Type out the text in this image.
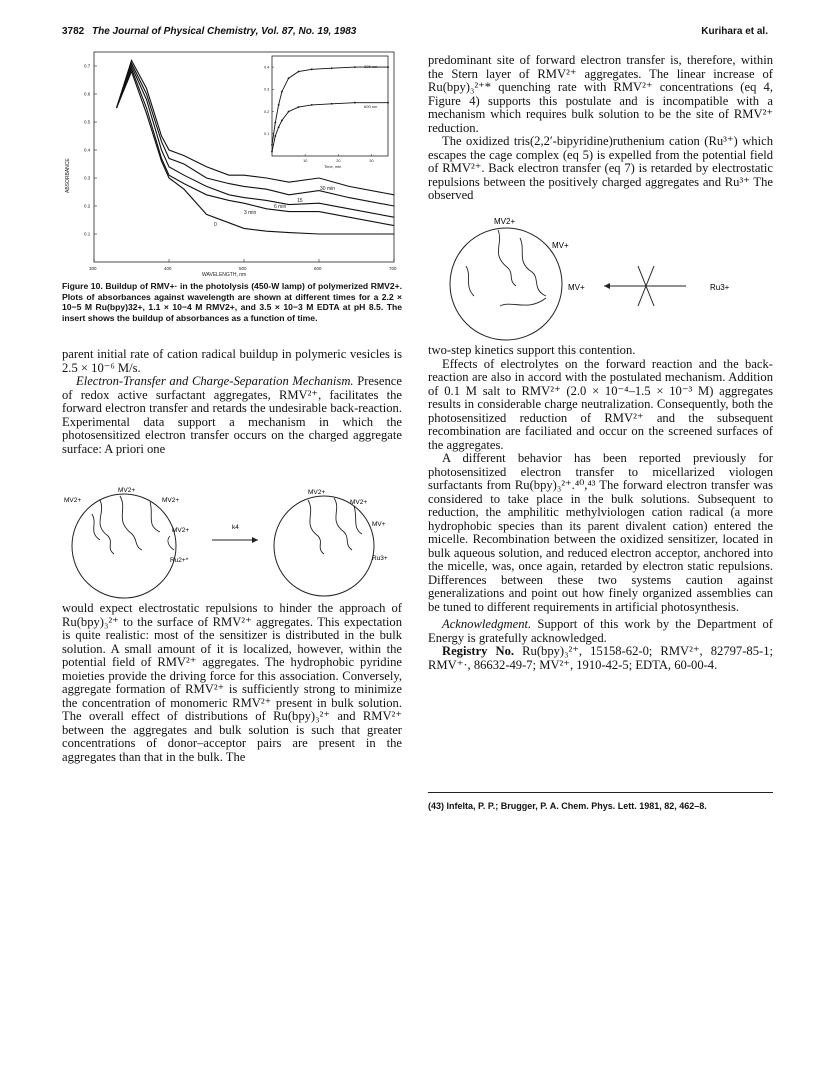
3782 The Journal of Physical Chemistry, Vol. 87, No. 19, 1983	Kurihara et al.
300	400	500	600	700
0.1
0.2
0.3
0.4
0.5
0.6
0.7
ABSORBANCE
WAVELENGTH, nm
30 min
15
6 min
3 min
0
10	20	30
0.1
0.2
0.3
0.4	395 nm
600 nm
Time, min
Figure 10. Buildup of RMV+· in the photolysis (450-W lamp) of polymerized RMV2+. Plots of absorbances against wavelength are shown at different times for a 2.2 × 10−5 M Ru(bpy)32+, 1.1 × 10−4 M RMV2+, and 3.5 × 10−3 M EDTA at pH 8.5. The insert shows the buildup of absorbances as a function of time.

parent initial rate of cation radical buildup in polymeric vesicles is 2.5 × 10⁻⁶ M/s.

Electron-Transfer and Charge-Separation Mechanism. Presence of redox active surfactant aggregates, RMV²⁺, facilitates the forward electron transfer and retards the undesirable back-reaction. Experimental data support a mechanism in which the photosensitized electron transfer occurs on the charged aggregate surface: A priori one

MV2+
MV2+	MV2+
MV2+
Ru2+*
k4
MV2+
MV2+
MV+
Ru3+

would expect electrostatic repulsions to hinder the approach of Ru(bpy)₃²⁺ to the surface of RMV²⁺ aggregates. This expectation is quite realistic: most of the sensitizer is distributed in the bulk solution. A small amount of it is localized, however, within the potential field of RMV²⁺ aggregates. The hydrophobic pyridine moieties provide the driving force for this association. Conversely, aggregate formation of RMV²⁺ is sufficiently strong to minimize the concentration of monomeric RMV²⁺ present in bulk solution. The overall effect of distributions of Ru(bpy)₃²⁺ and RMV²⁺ between the aggregates and bulk solution is such that greater concentrations of donor–acceptor pairs are present in the aggregates than that in the bulk. The

predominant site of forward electron transfer is, therefore, within the Stern layer of RMV²⁺ aggregates. The linear increase of Ru(bpy)₃²⁺* quenching rate with RMV²⁺ concentrations (eq 4, Figure 4) supports this postulate and is incompatible with a mechanism which requires bulk solution to be the site of RMV²⁺ reduction.

The oxidized tris(2,2′-bipyridine)ruthenium cation (Ru³⁺) which escapes the cage complex (eq 5) is expelled from the potential field of RMV²⁺. Back electron transfer (eq 7) is retarded by electrostatic repulsions between the positively charged aggregates and Ru³⁺ The observed

MV2+
MV+
MV+	Ru3+

two-step kinetics support this contention.

Effects of electrolytes on the forward reaction and the back-reaction are also in accord with the postulated mechanism. Addition of 0.1 M salt to RMV²⁺ (2.0 × 10⁻⁴–1.5 × 10⁻³ M) aggregates results in considerable charge neutralization. Consequently, both the photosensitized reduction of RMV²⁺ and the subsequent recombination are faciliated and occur on the screened surfaces of the aggregates.

A different behavior has been reported previously for photosensitized electron transfer to micellarized viologen surfactants from Ru(bpy)₃²⁺.⁴⁰,⁴³ The forward electron transfer was considered to take place in the bulk solutions. Subsequent to reduction, the amphilitic methylviologen cation radical (a more hydrophobic species than its parent divalent cation) entered the micelle. Recombination between the oxidized sensitizer, located in bulk aqueous solution, and reduced electron acceptor, anchored into the micelle, was, once again, retarded by electron static repulsions. Differences between these two systems caution against generalizations and point out how finely organized assemblies can be tuned to different requirements in artificial photosynthesis.

Acknowledgment. Support of this work by the Department of Energy is gratefully acknowledged.

Registry No. Ru(bpy)₃²⁺, 15158-62-0; RMV²⁺, 82797-85-1; RMV⁺·, 86632-49-7; MV²⁺, 1910-42-5; EDTA, 60-00-4.

(43) Infelta, P. P.; Brugger, P. A. Chem. Phys. Lett. 1981, 82, 462–8.
